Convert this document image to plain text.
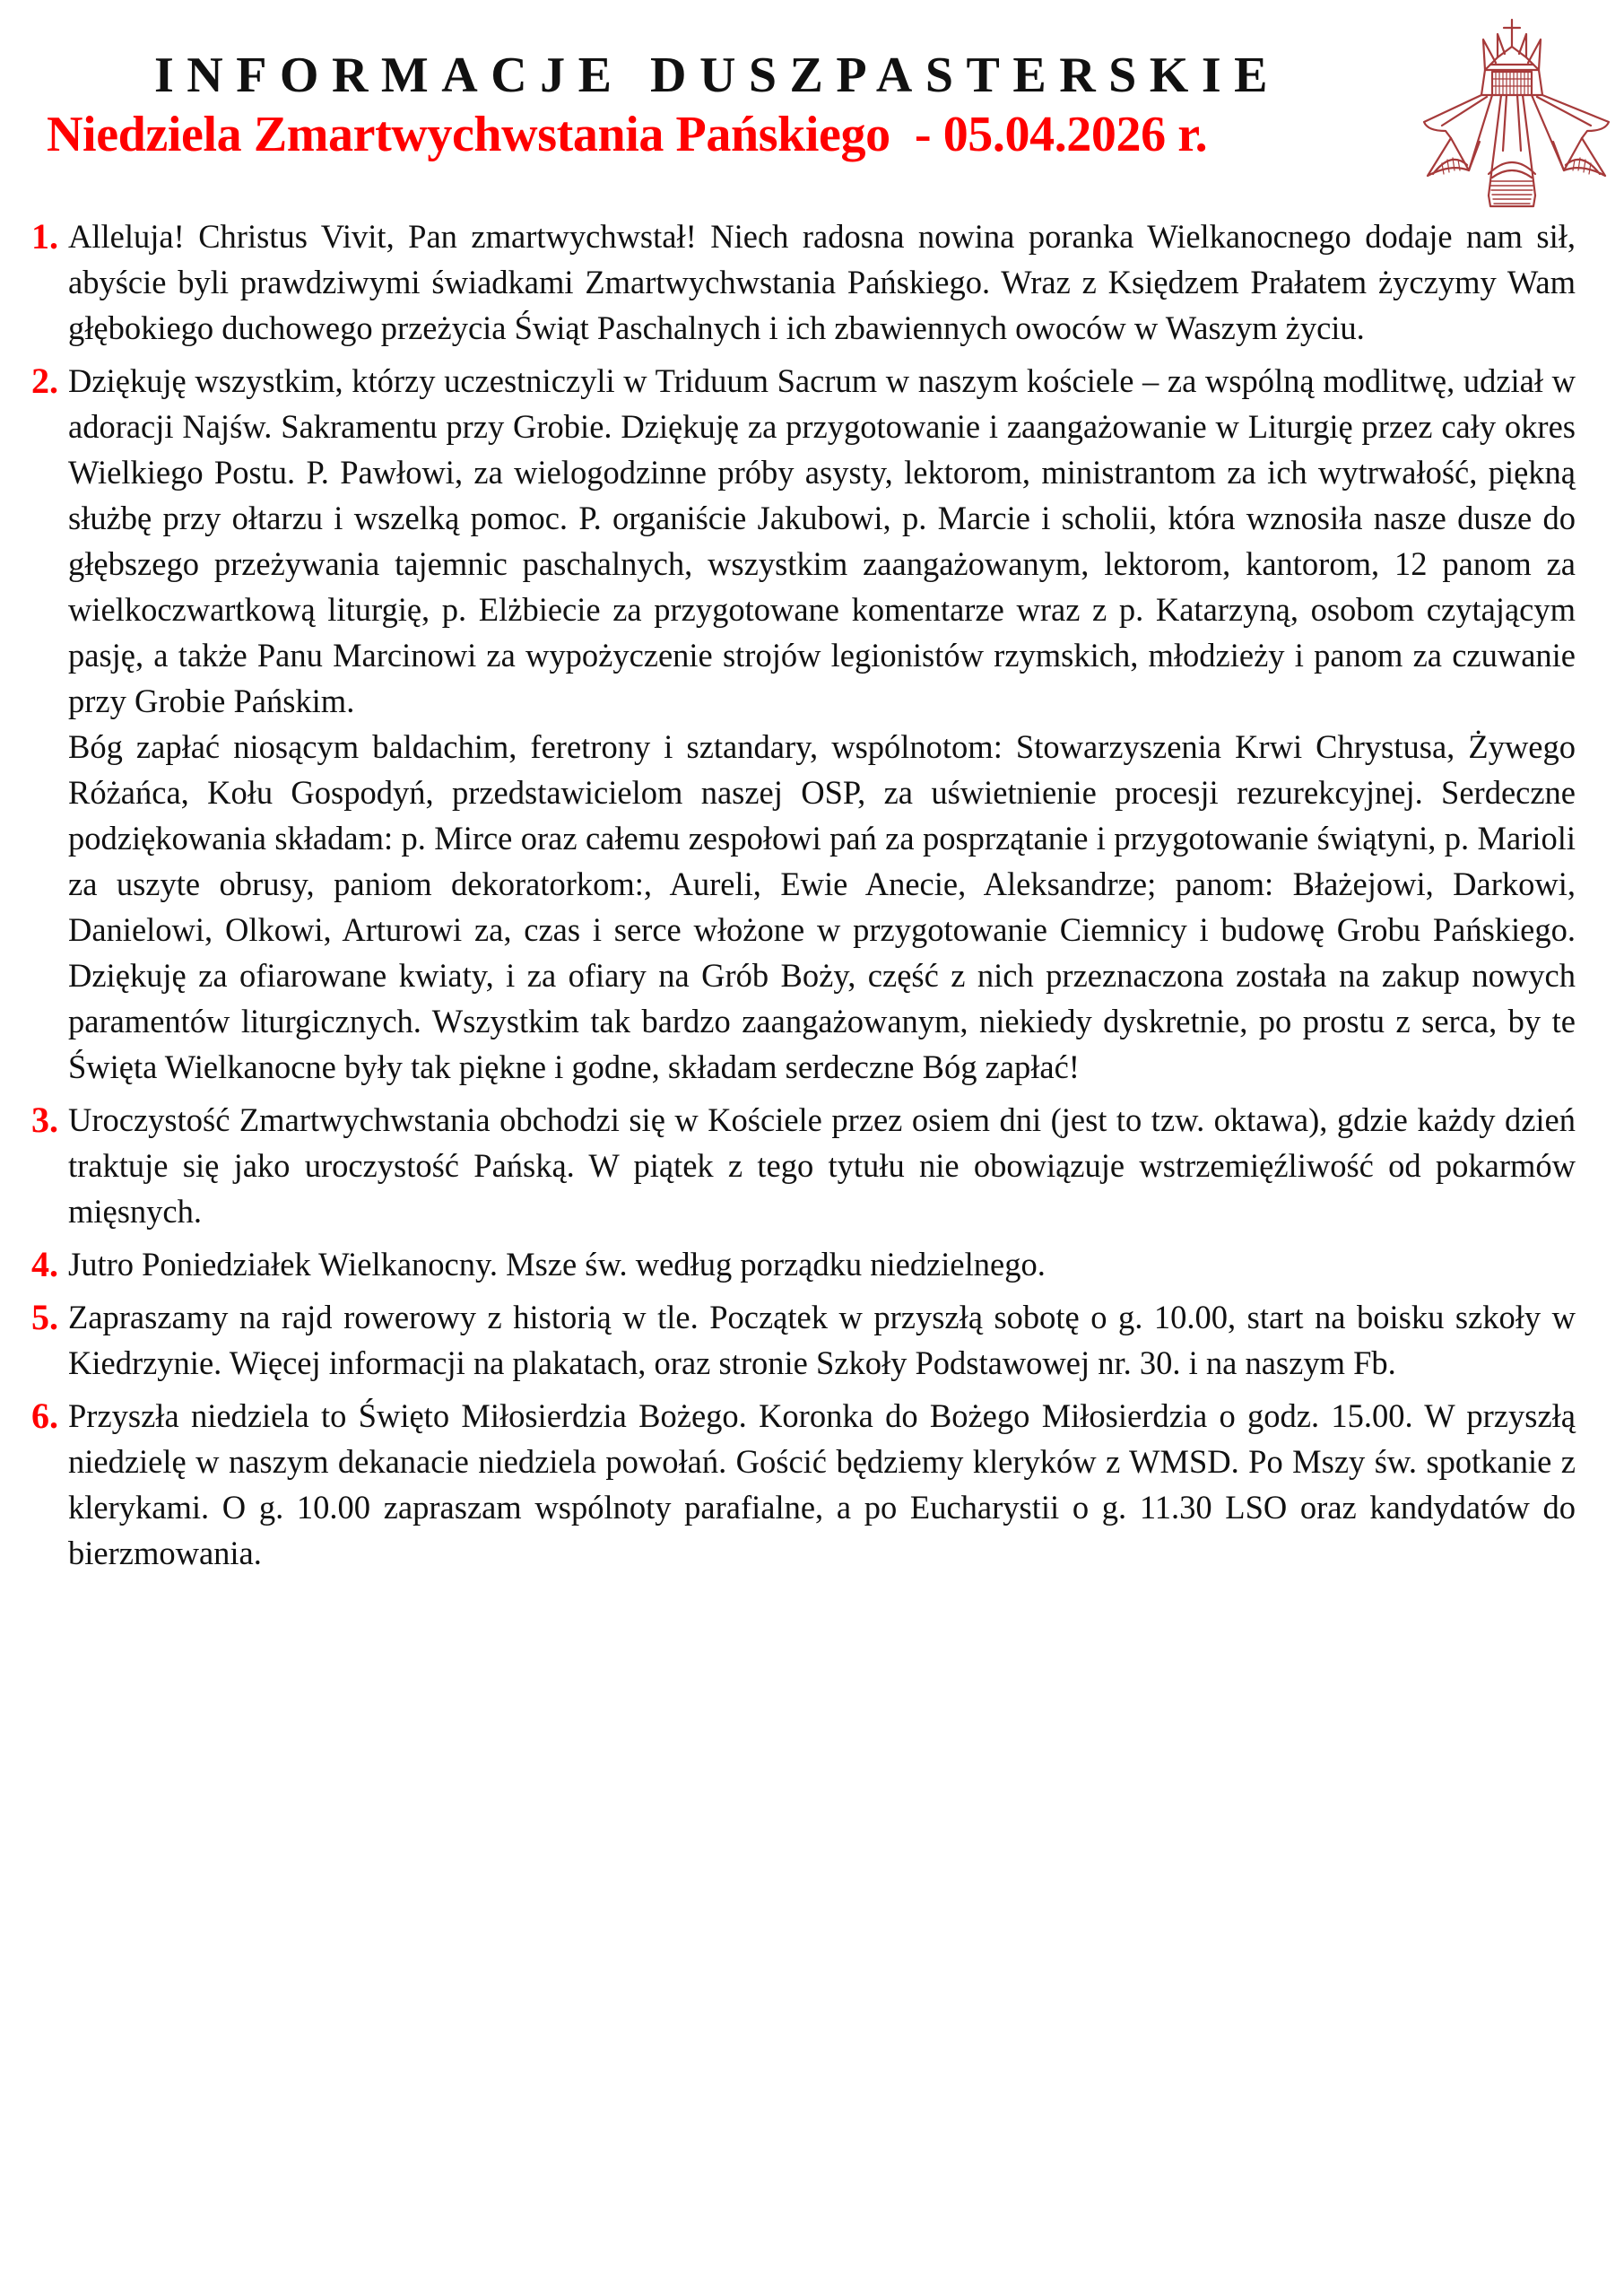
INFORMACJE DUSZPASTERSKIE
Niedziela Zmartwychwstania Pańskiego  - 05.04.2026 r.
1. Alleluja! Christus Vivit, Pan zmartwychwstał! Niech radosna nowina poranka Wielkanocnego dodaje nam sił, abyście byli prawdziwymi świadkami Zmartwychwstania Pańskiego. Wraz z Księdzem Prałatem życzymy Wam głębokiego duchowego przeżycia Świąt Paschalnych i ich zbawiennych owoców w Waszym życiu.

2. Dziękuję wszystkim, którzy uczestniczyli w Triduum Sacrum w naszym kościele – za wspólną modlitwę, udział w adoracji Najśw. Sakramentu przy Grobie. Dziękuję za przygotowanie i zaangażowanie w Liturgię przez cały okres Wielkiego Postu. P. Pawłowi, za wielogodzinne próby asysty, lektorom, ministrantom za ich wytrwałość, piękną służbę przy ołtarzu i wszelką pomoc. P. organiście Jakubowi, p. Marcie i scholii, która wznosiła nasze dusze do głębszego przeżywania tajemnic paschalnych, wszystkim zaangażowanym, lektorom, kantorom, 12 panom za wielkoczwartkową liturgię, p. Elżbiecie za przygotowane komentarze wraz z p. Katarzyną, osobom czytającym pasję, a także Panu Marcinowi za wypożyczenie strojów legionistów rzymskich, młodzieży i panom za czuwanie przy Grobie Pańskim.

Bóg zapłać niosącym baldachim, feretrony i sztandary, wspólnotom: Stowarzyszenia Krwi Chrystusa, Żywego Różańca, Kołu Gospodyń, przedstawicielom naszej OSP, za uświetnienie procesji rezurekcyjnej. Serdeczne podziękowania składam: p. Mirce oraz całemu zespołowi pań za posprzątanie i przygotowanie świątyni, p. Marioli za uszyte obrusy, paniom dekoratorkom:, Aureli, Ewie Anecie, Aleksandrze; panom: Błażejowi, Darkowi, Danielowi, Olkowi, Arturowi za, czas i serce włożone w przygotowanie Ciemnicy i budowę Grobu Pańskiego. Dziękuję za ofiarowane kwiaty, i za ofiary na Grób Boży, część z nich przeznaczona została na zakup nowych paramentów liturgicznych. Wszystkim tak bardzo zaangażowanym, niekiedy dyskretnie, po prostu z serca, by te Święta Wielkanocne były tak piękne i godne, składam serdeczne Bóg zapłać!

3. Uroczystość Zmartwychwstania obchodzi się w Kościele przez osiem dni (jest to tzw. oktawa), gdzie każdy dzień traktuje się jako uroczystość Pańską. W piątek z tego tytułu nie obowiązuje wstrzemięźliwość od pokarmów mięsnych.

4. Jutro Poniedziałek Wielkanocny. Msze św. według porządku niedzielnego.

5. Zapraszamy na rajd rowerowy z historią w tle. Początek w przyszłą sobotę o g. 10.00, start na boisku szkoły w Kiedrzynie. Więcej informacji na plakatach, oraz stronie Szkoły Podstawowej nr. 30. i na naszym Fb.

6. Przyszła niedziela to Święto Miłosierdzia Bożego. Koronka do Bożego Miłosierdzia o godz. 15.00. W przyszłą niedzielę w naszym dekanacie niedziela powołań. Gościć będziemy kleryków z WMSD. Po Mszy św. spotkanie z klerykami. O g. 10.00 zapraszam wspólnoty parafialne, a po Eucharystii o g. 11.30 LSO oraz kandydatów do bierzmowania.
